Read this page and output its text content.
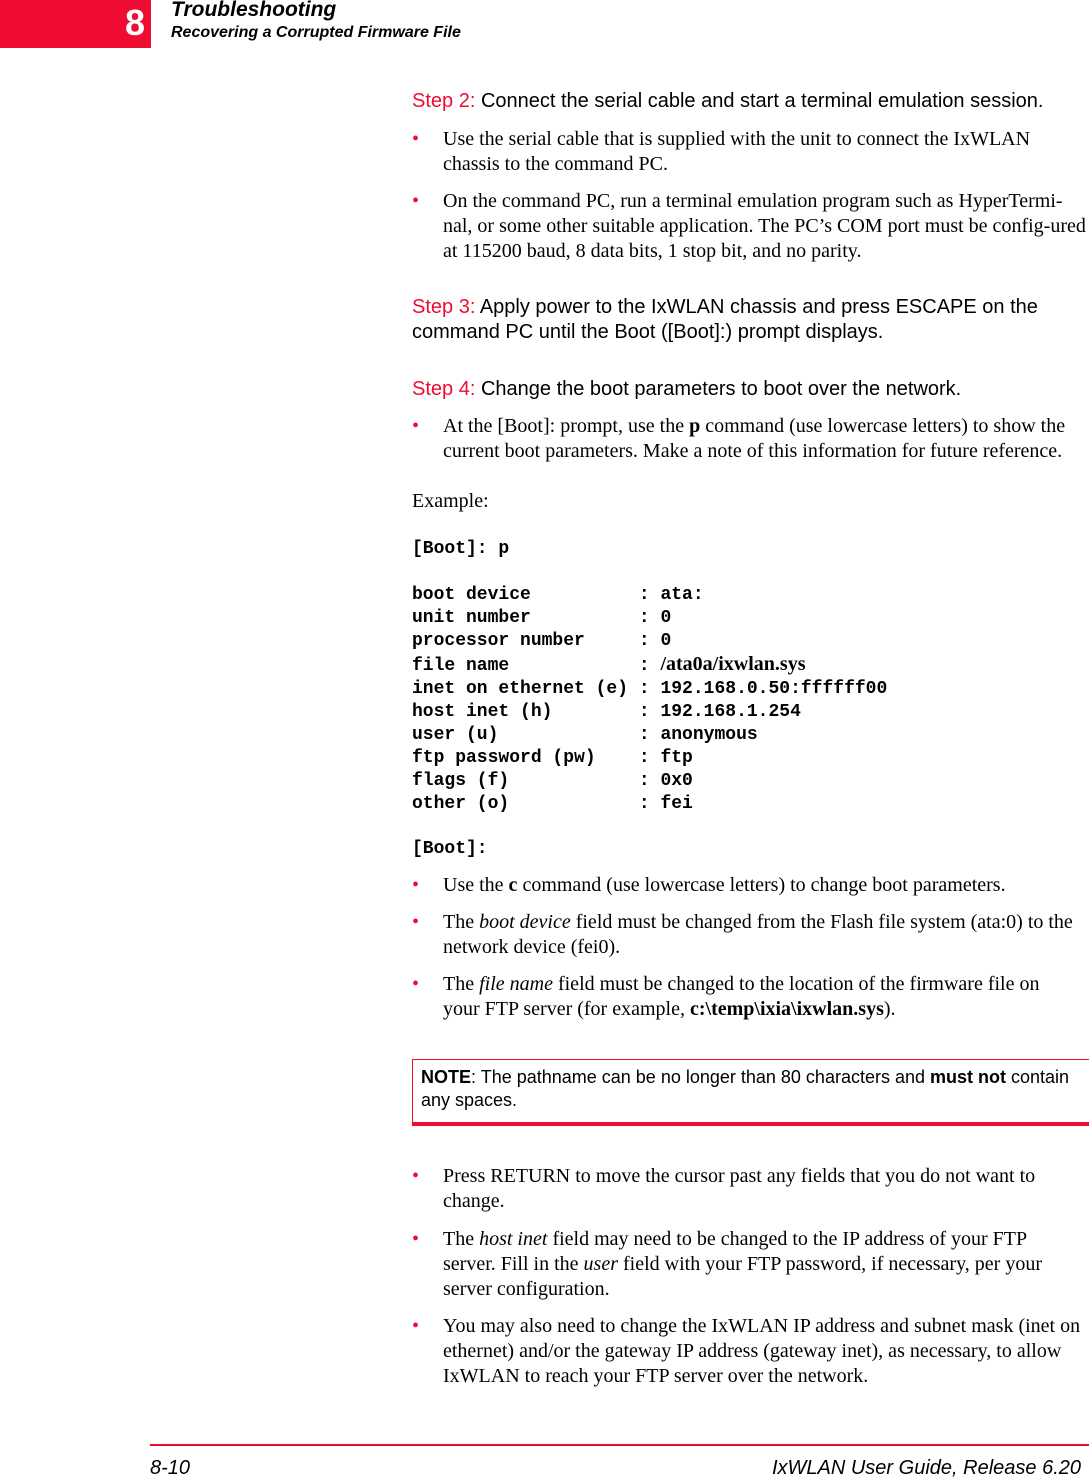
8 Troubleshooting
Recovering a Corrupted Firmware File
Step 2: Connect the serial cable and start a terminal emulation session.
• Use the serial cable that is supplied with the unit to connect the IxWLAN chassis to the command PC.
• On the command PC, run a terminal emulation program such as HyperTermi-nal, or some other suitable application. The PC’s COM port must be config-ured at 115200 baud, 8 data bits, 1 stop bit, and no parity.
Step 3: Apply power to the IxWLAN chassis and press ESCAPE on the command PC until the Boot ([Boot]:) prompt displays.
Step 4: Change the boot parameters to boot over the network.
• At the [Boot]: prompt, use the p command (use lowercase letters) to show the current boot parameters. Make a note of this information for future reference.
Example:
[Boot]: p
boot device          : ata:
unit number          : 0
processor number     : 0
file name            : /ata0a/ixwlan.sys
inet on ethernet (e) : 192.168.0.50:ffffff00
host inet (h)        : 192.168.1.254
user (u)             : anonymous
ftp password (pw)    : ftp
flags (f)            : 0x0
other (o)            : fei
[Boot]:
• Use the c command (use lowercase letters) to change boot parameters.
• The boot device field must be changed from the Flash file system (ata:0) to the network device (fei0).
• The file name field must be changed to the location of the firmware file on your FTP server (for example, c:\temp\ixia\ixwlan.sys).
NOTE: The pathname can be no longer than 80 characters and must not contain any spaces.
• Press RETURN to move the cursor past any fields that you do not want to change.
• The host inet field may need to be changed to the IP address of your FTP server. Fill in the user field with your FTP password, if necessary, per your server configuration.
• You may also need to change the IxWLAN IP address and subnet mask (inet on ethernet) and/or the gateway IP address (gateway inet), as necessary, to allow IxWLAN to reach your FTP server over the network.
8-10	IxWLAN User Guide, Release 6.20
